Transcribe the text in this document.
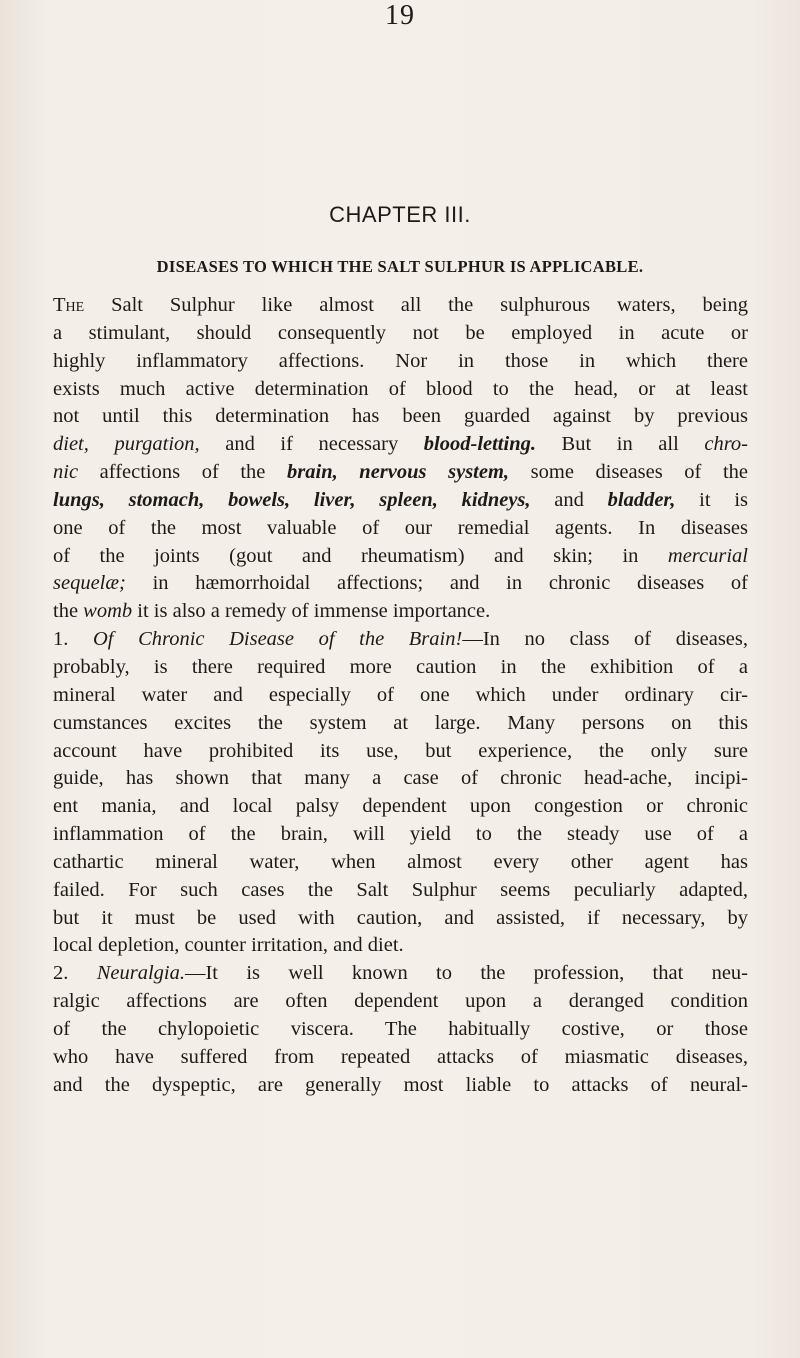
19
CHAPTER III.
DISEASES TO WHICH THE SALT SULPHUR IS APPLICABLE.
The Salt Sulphur like almost all the sulphurous waters, being
a stimulant, should consequently not be employed in acute or
highly inflammatory affections. Nor in those in which there
exists much active determination of blood to the head, or at least
not until this determination has been guarded against by previous
diet, purgation, and if necessary blood-letting. But in all chro-
nic affections of the brain, nervous system, some diseases of the
lungs, stomach, bowels, liver, spleen, kidneys, and bladder, it is
one of the most valuable of our remedial agents. In diseases
of the joints (gout and rheumatism) and skin; in mercurial
sequelæ; in hæmorrhoidal affections; and in chronic diseases of
the womb it is also a remedy of immense importance.
1. Of Chronic Disease of the Brain!—In no class of diseases,
probably, is there required more caution in the exhibition of a
mineral water and especially of one which under ordinary cir-
cumstances excites the system at large. Many persons on this
account have prohibited its use, but experience, the only sure
guide, has shown that many a case of chronic head-ache, incipi-
ent mania, and local palsy dependent upon congestion or chronic
inflammation of the brain, will yield to the steady use of a
cathartic mineral water, when almost every other agent has
failed. For such cases the Salt Sulphur seems peculiarly adapted,
but it must be used with caution, and assisted, if necessary, by
local depletion, counter irritation, and diet.
2. Neuralgia.—It is well known to the profession, that neu-
ralgic affections are often dependent upon a deranged condition
of the chylopoietic viscera. The habitually costive, or those
who have suffered from repeated attacks of miasmatic diseases,
and the dyspeptic, are generally most liable to attacks of neural-
